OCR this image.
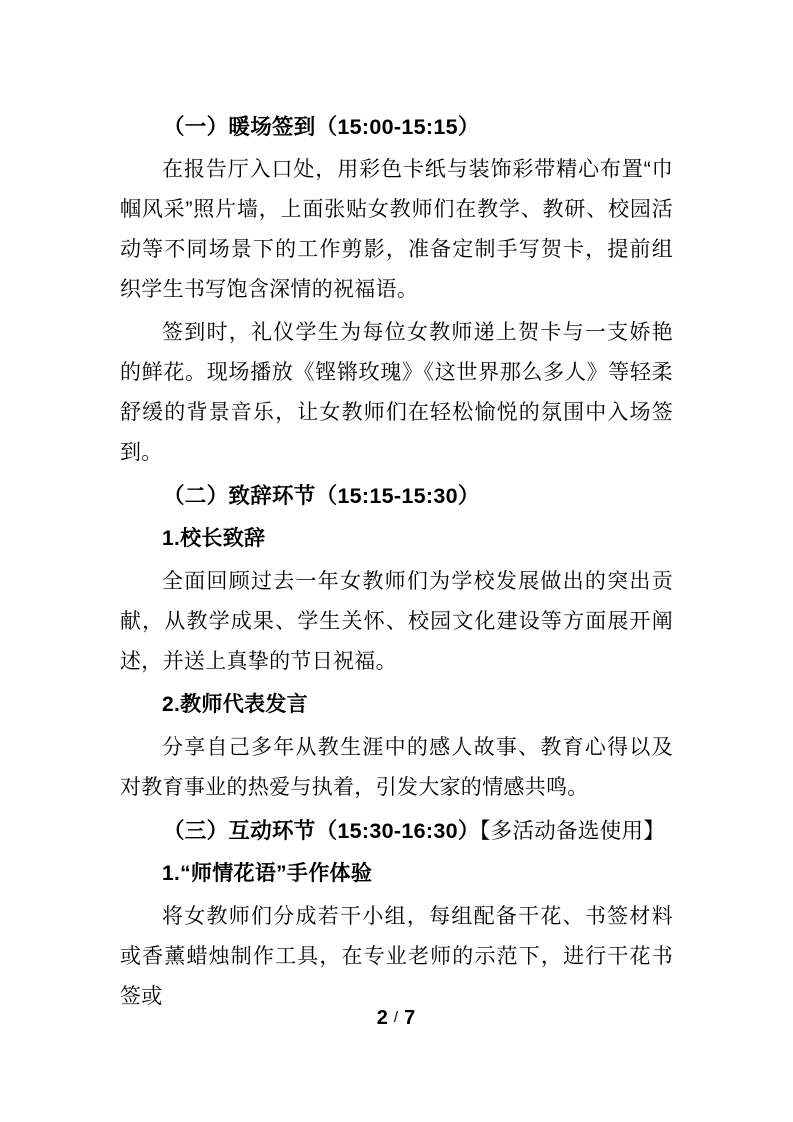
（一）暖场签到（15:00-15:15）

在报告厅入口处，用彩色卡纸与装饰彩带精心布置“巾帼风采”照片墙，上面张贴女教师们在教学、教研、校园活动等不同场景下的工作剪影，准备定制手写贺卡，提前组织学生书写饱含深情的祝福语。

签到时，礼仪学生为每位女教师递上贺卡与一支娇艳的鲜花。现场播放《铿锵玫瑰》《这世界那么多人》等轻柔舒缓的背景音乐，让女教师们在轻松愉悦的氛围中入场签到。

（二）致辞环节（15:15-15:30）
1.校长致辞

全面回顾过去一年女教师们为学校发展做出的突出贡献，从教学成果、学生关怀、校园文化建设等方面展开阐述，并送上真挚的节日祝福。

2.教师代表发言

分享自己多年从教生涯中的感人故事、教育心得以及对教育事业的热爱与执着，引发大家的情感共鸣。

（三）互动环节（15:30-16:30）【多活动备选使用】
1.“师情花语”手作体验

将女教师们分成若干小组，每组配备干花、书签材料或香薰蜡烛制作工具，在专业老师的示范下，进行干花书签或

2 / 7
